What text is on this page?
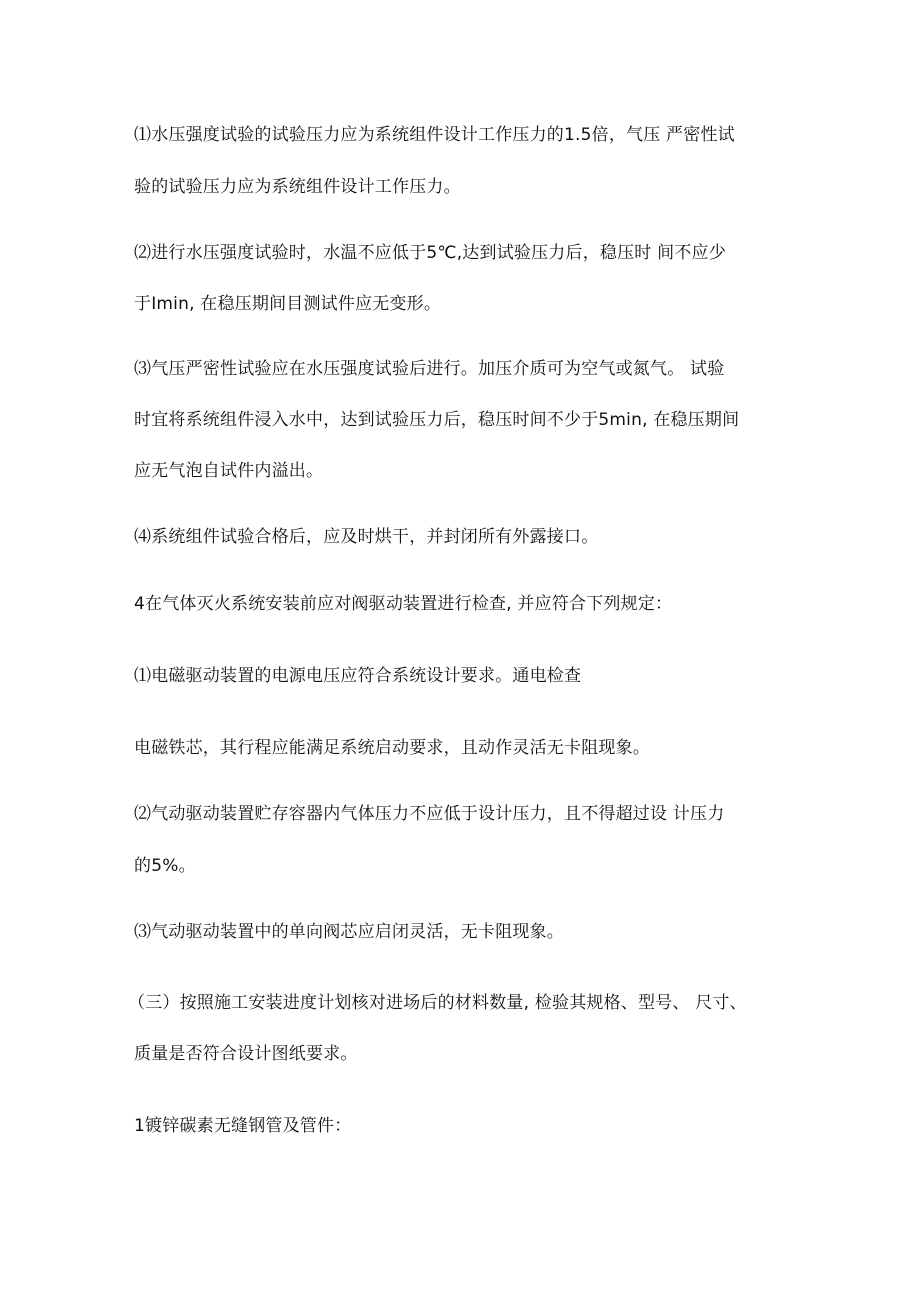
⑴水压强度试验的试验压力应为系统组件设计工作压力的1.5倍，气压 严密性试
验的试验压力应为系统组件设计工作压力。
⑵进行水压强度试验时，水温不应低于5℃,达到试验压力后，稳压时 间不应少
于Imin, 在稳压期间目测试件应无变形。
⑶气压严密性试验应在水压强度试验后进行。加压介质可为空气或氮气。 试验
时宜将系统组件浸入水中，达到试验压力后，稳压时间不少于5min, 在稳压期间
应无气泡自试件内溢出。
⑷系统组件试验合格后，应及时烘干，并封闭所有外露接口。
4在气体灭火系统安装前应对阀驱动装置进行检查, 并应符合下列规定：
⑴电磁驱动装置的电源电压应符合系统设计要求。通电检查
电磁铁芯，其行程应能满足系统启动要求，且动作灵活无卡阻现象。
⑵气动驱动装置贮存容器内气体压力不应低于设计压力，且不得超过设 计压力
的5%。
⑶气动驱动装置中的单向阀芯应启闭灵活，无卡阻现象。
（三）按照施工安装进度计划核对进场后的材料数量, 检验其规格、型号、 尺寸、
质量是否符合设计图纸要求。
1镀锌碳素无缝钢管及管件：
